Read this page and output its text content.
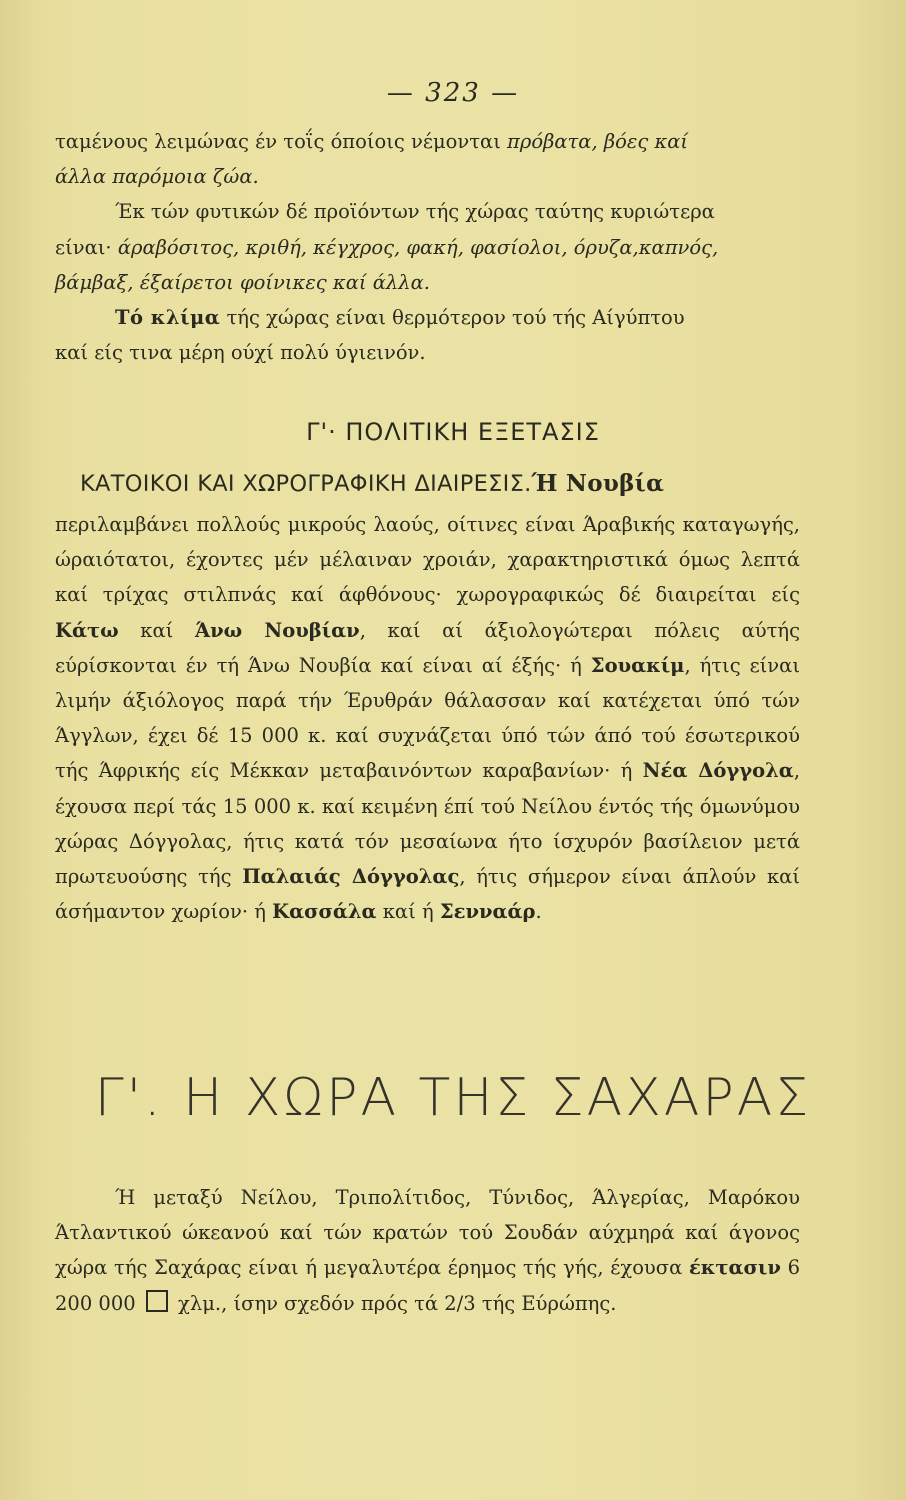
— 323 —

ταμένους λειμώνας έν τοΐς όποίοις νέμονται πρόβατα, βόες καί

άλλα παρόμοια ζώα.

Έκ τών φυτικών δέ προϊόντων τής χώρας ταύτης κυριώτερα

είναι· άραβόσιτος, κριθή, κέγχρος, φακή, φασίολοι, όρυζα,καπνός,

βάμβαξ, έξαίρετοι φοίνικες καί άλλα.

Τό κλίμα τής χώρας είναι θερμότερον τού τής Αίγύπτου

καί είς τινα μέρη ούχί πολύ ύγιεινόν.

Γ'· ΠΟΛΙΤΙΚΗ ΕΞΕΤΑΣΙΣ
ΚΑΤΟΙΚΟΙ ΚΑΙ ΧΩΡΟΓΡΑΦΙΚΗ ΔΙΑΙΡΕΣΙΣ.Ή Νουβία

περιλαμβάνει πολλούς μικρούς λαούς, οίτινες είναι Άραβικής καταγωγής, ώραιότατοι, έχοντες μέν μέλαιναν χροιάν, χαρακτηριστικά όμως λεπτά καί τρίχας στιλπνάς καί άφθόνους· χωρογραφικώς δέ διαιρείται είς Κάτω καί Άνω Νουβίαν, καί αί άξιολογώτεραι πόλεις αύτής εύρίσκονται έν τή Άνω Νουβία καί είναι αί έξής· ή Σουακίμ, ήτις είναι λιμήν άξιόλογος παρά τήν Έρυθράν θάλασσαν καί κατέχεται ύπό τών Άγγλων, έχει δέ 15 000 κ. καί συχνάζεται ύπό τών άπό τού έσωτερικού τής Άφρικής είς Μέκκαν μεταβαινόντων καραβανίων· ή Νέα Δόγγολα, έχουσα περί τάς 15 000 κ. καί κειμένη έπί τού Νείλου έντός τής όμωνύμου χώρας Δόγγολας, ήτις κατά τόν μεσαίωνα ήτο ίσχυρόν βασίλειον μετά πρωτευούσης τής Παλαιάς Δόγγολας, ήτις σήμερον είναι άπλούν καί άσήμαντον χωρίον· ή Κασσάλα καί ή Σενναάρ.

Γ'. Η ΧΩΡΑ ΤΗΣ ΣΑΧΑΡΑΣ

Ή μεταξύ Νείλου, Τριπολίτιδος, Τύνιδος, Άλγερίας, Μαρόκου Άτλαντικού ώκεανού καί τών κρατών τού Σουδάν αύχμηρά καί άγονος χώρα τής Σαχάρας είναι ή μεγαλυτέρα έρημος τής γής, έχουσα έκτασιν 6 200 000  χλμ., ίσην σχεδόν πρός τά 2/3 τής Εύρώπης.
